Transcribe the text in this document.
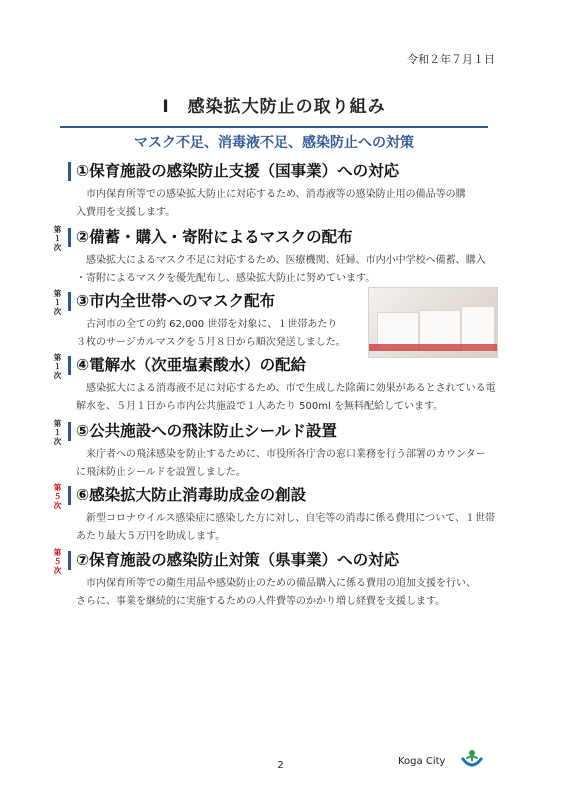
令和２年７月１日
Ⅰ　感染拡大防止の取り組み
マスク不足、消毒液不足、感染防止への対策
①保育施設の感染防止支援（国事業）への対応
市内保育所等での感染拡大防止に対応するため、消毒液等の感染防止用の備品等の購
入費用を支援します。
第
１
次
②備蓄・購入・寄附によるマスクの配布
感染拡大によるマスク不足に対応するため、医療機関、妊婦、市内小中学校へ備蓄、購入
・寄附によるマスクを優先配布し、感染拡大防止に努めています。
第
１
次
③市内全世帯へのマスク配布
古河市の全ての約 62,000 世帯を対象に、１世帯あたり
３枚のサージカルマスクを５月８日から順次発送しました。
第
１
次
④電解水（次亜塩素酸水）の配給
感染拡大による消毒液不足に対応するため、市で生成した除菌に効果があるとされている電
解水を、５月１日から市内公共施設で１人あたり 500ml を無料配給しています。
第
１
次
⑤公共施設への飛沫防止シールド設置
来庁者への飛沫感染を防止するために、市役所各庁舎の窓口業務を行う部署のカウンター
に飛沫防止シールドを設置しました。
第
５
次
⑥感染拡大防止消毒助成金の創設
新型コロナウイルス感染症に感染した方に対し、自宅等の消毒に係る費用について、１世帯
あたり最大５万円を助成します。
第
５
次
⑦保育施設の感染防止対策（県事業）への対応
市内保育所等での衛生用品や感染防止のための備品購入に係る費用の追加支援を行い、
さらに、事業を継続的に実施するための人件費等のかかり増し経費を支援します。
2	Koga City
